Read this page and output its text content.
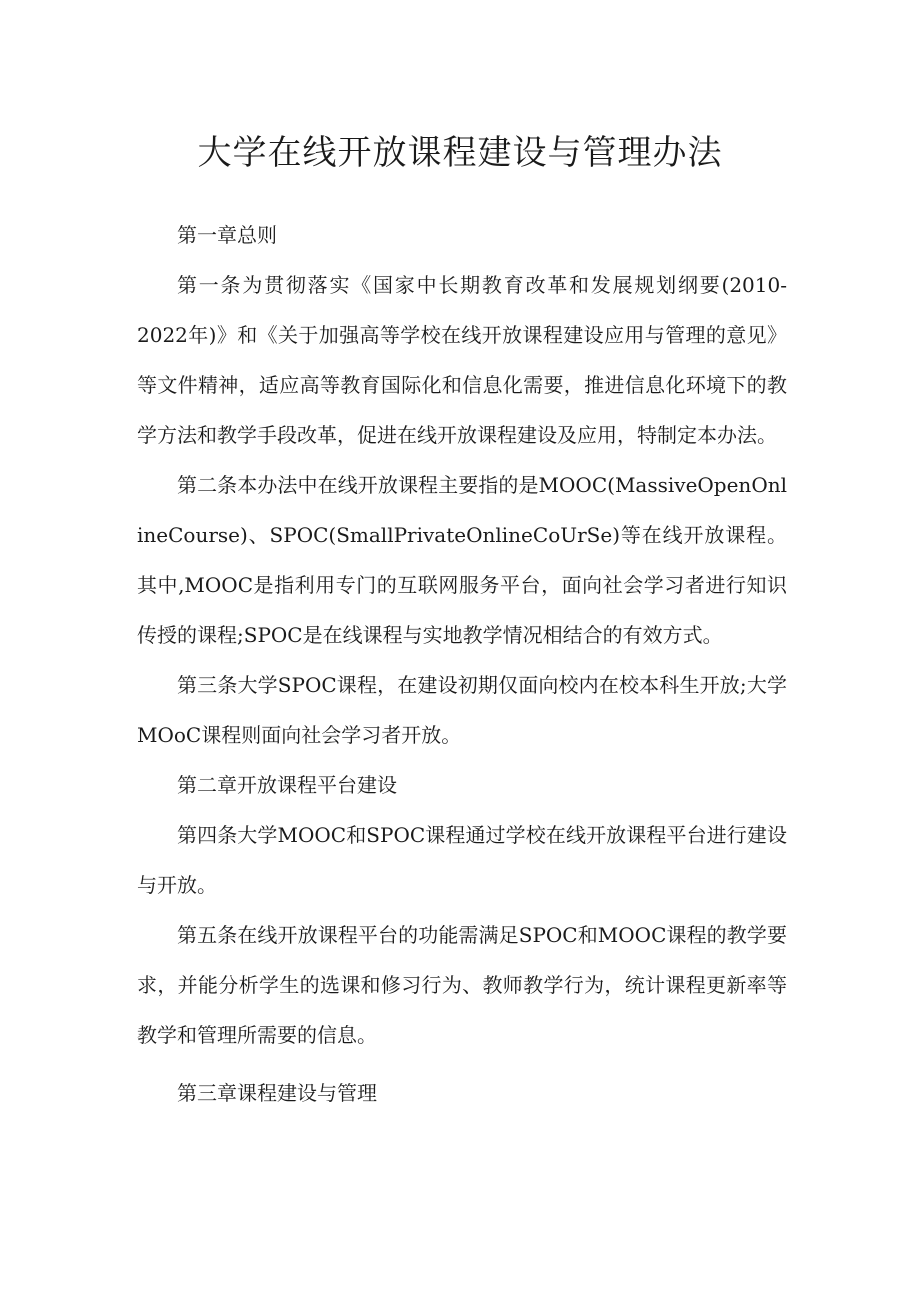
大学在线开放课程建设与管理办法

第一章总则

第一条为贯彻落实《国家中长期教育改革和发展规划纲要(2010-2022年)》和《关于加强高等学校在线开放课程建设应用与管理的意见》等文件精神，适应高等教育国际化和信息化需要，推进信息化环境下的教学方法和教学手段改革，促进在线开放课程建设及应用，特制定本办法。

第二条本办法中在线开放课程主要指的是MOOC(MassiveOpenOnlineCourse)、SPOC(SmallPrivateOnlineCoUrSe)等在线开放课程。其中,MOOC是指利用专门的互联网服务平台，面向社会学习者进行知识传授的课程;SPOC是在线课程与实地教学情况相结合的有效方式。

第三条大学SPOC课程，在建设初期仅面向校内在校本科生开放;大学MOoC课程则面向社会学习者开放。

第二章开放课程平台建设

第四条大学MOOC和SPOC课程通过学校在线开放课程平台进行建设与开放。

第五条在线开放课程平台的功能需满足SPOC和MOOC课程的教学要求，并能分析学生的选课和修习行为、教师教学行为，统计课程更新率等教学和管理所需要的信息。

第三章课程建设与管理
